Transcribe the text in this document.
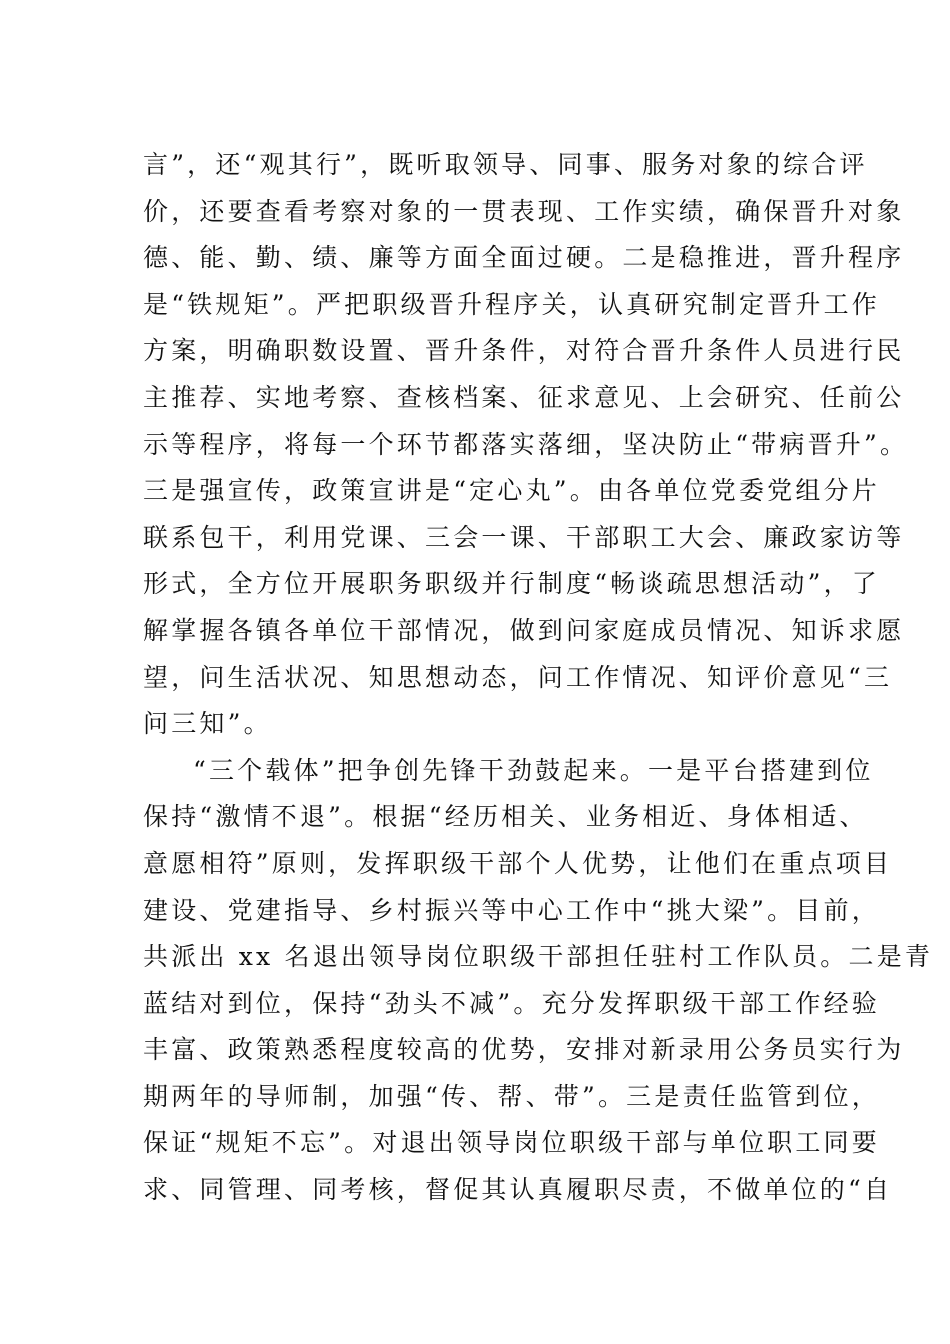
言”，还“观其行”，既听取领导、同事、服务对象的综合评
价，还要查看考察对象的一贯表现、工作实绩，确保晋升对象
德、能、勤、绩、廉等方面全面过硬。二是稳推进，晋升程序
是“铁规矩”。严把职级晋升程序关，认真研究制定晋升工作
方案，明确职数设置、晋升条件，对符合晋升条件人员进行民
主推荐、实地考察、查核档案、征求意见、上会研究、任前公
示等程序，将每一个环节都落实落细，坚决防止“带病晋升”。
三是强宣传，政策宣讲是“定心丸”。由各单位党委党组分片
联系包干，利用党课、三会一课、干部职工大会、廉政家访等
形式，全方位开展职务职级并行制度“畅谈疏思想活动”，了
解掌握各镇各单位干部情况，做到问家庭成员情况、知诉求愿
望，问生活状况、知思想动态，问工作情况、知评价意见“三
问三知”。
“三个载体”把争创先锋干劲鼓起来。一是平台搭建到位
保持“激情不退”。根据“经历相关、业务相近、身体相适、
意愿相符”原则，发挥职级干部个人优势，让他们在重点项目
建设、党建指导、乡村振兴等中心工作中“挑大梁”。目前，
共派出 xx 名退出领导岗位职级干部担任驻村工作队员。二是青
蓝结对到位，保持“劲头不减”。充分发挥职级干部工作经验
丰富、政策熟悉程度较高的优势，安排对新录用公务员实行为
期两年的导师制，加强“传、帮、带”。三是责任监管到位，
保证“规矩不忘”。对退出领导岗位职级干部与单位职工同要
求、同管理、同考核，督促其认真履职尽责，不做单位的“自
